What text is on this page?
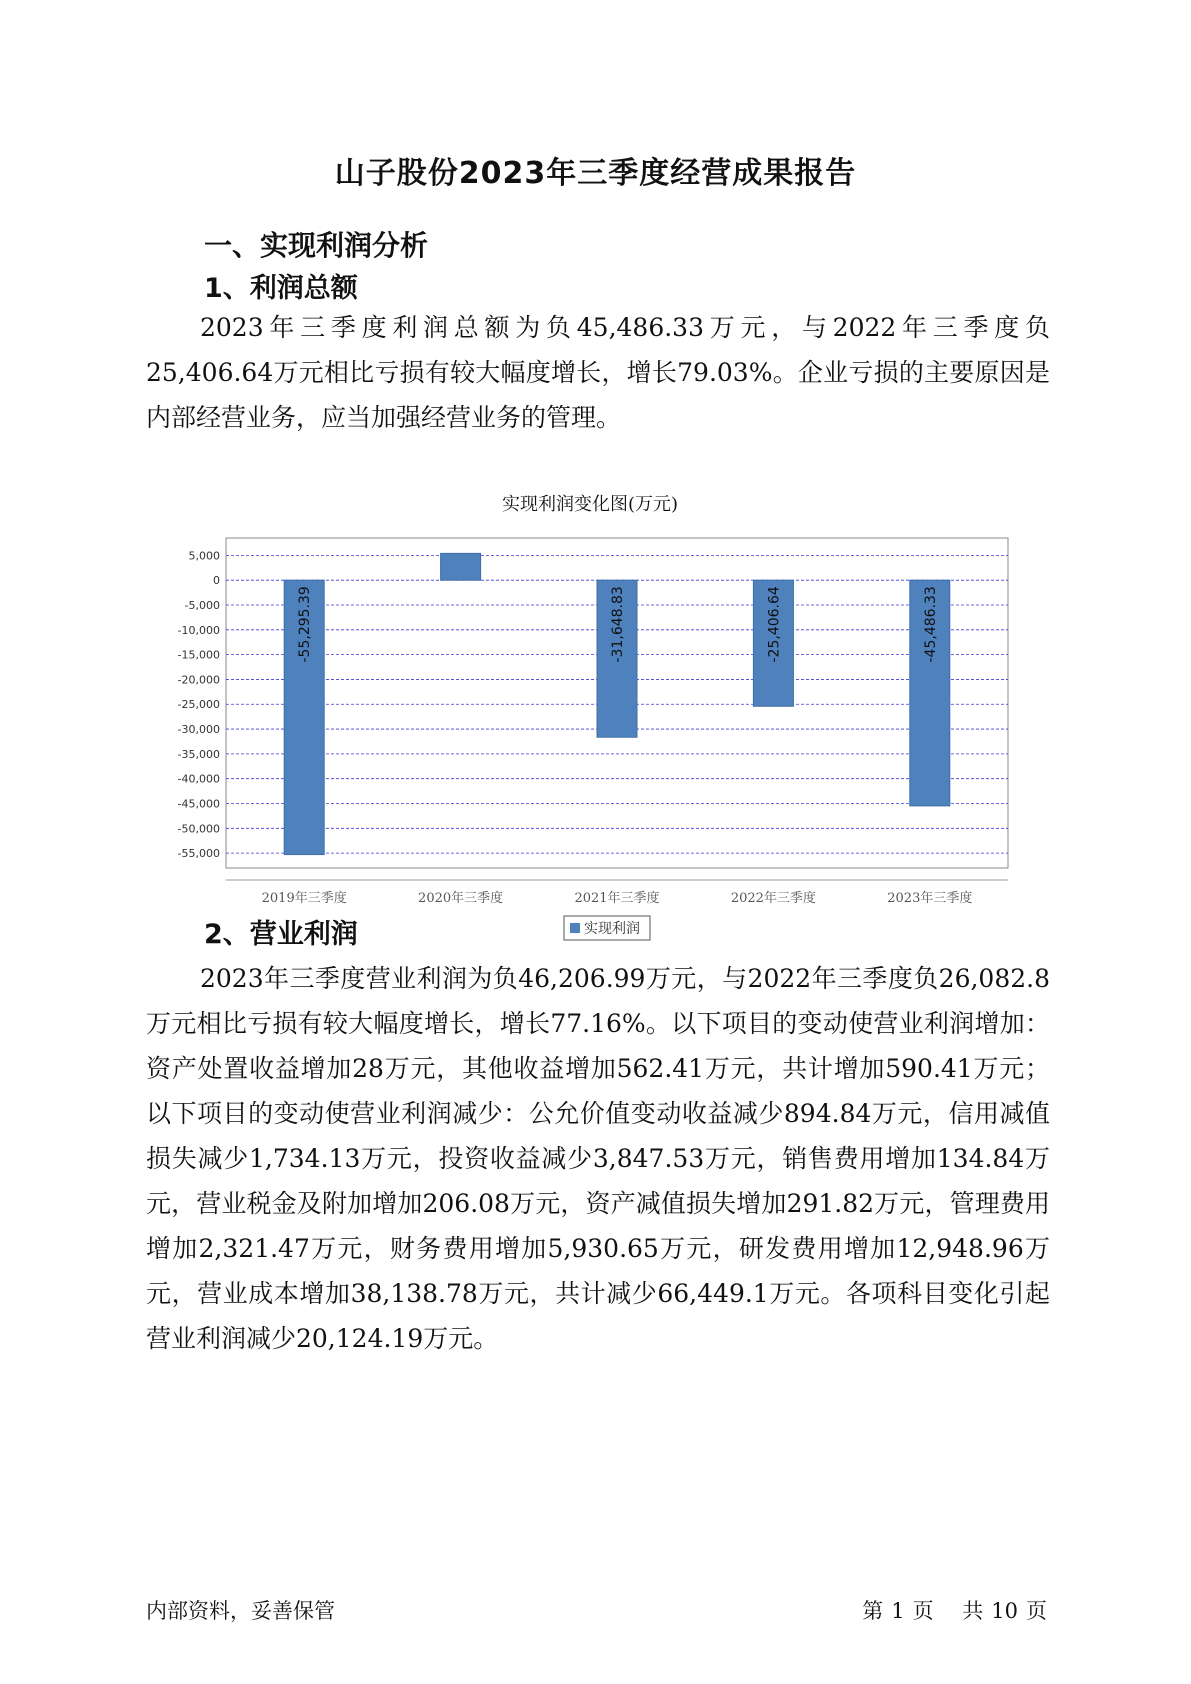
山子股份2023年三季度经营成果报告
一、实现利润分析
1、利润总额
2023年三季度利润总额为负45,486.33万元，与2022年三季度负25,406.64万元相比亏损有较大幅度增长，增长79.03%。企业亏损的主要原因是内部经营业务，应当加强经营业务的管理。
实现利润变化图(万元)
5,000
0
-5,000
-10,000
-15,000
-20,000
-25,000
-30,000
-35,000
-40,000
-45,000
-50,000
-55,000
-55,295.39
2019年三季度	2020年三季度
-31,648.83
2021年三季度
-25,406.64
2022年三季度
-45,486.33
2023年三季度
实现利润
2、营业利润
2023年三季度营业利润为负46,206.99万元，与2022年三季度负26,082.8万元相比亏损有较大幅度增长，增长77.16%。以下项目的变动使营业利润增加：资产处置收益增加28万元，其他收益增加562.41万元，共计增加590.41万元；以下项目的变动使营业利润减少：公允价值变动收益减少894.84万元，信用减值损失减少1,734.13万元，投资收益减少3,847.53万元，销售费用增加134.84万元，营业税金及附加增加206.08万元，资产减值损失增加291.82万元，管理费用增加2,321.47万元，财务费用增加5,930.65万元，研发费用增加12,948.96万元，营业成本增加38,138.78万元，共计减少66,449.1万元。各项科目变化引起营业利润减少20,124.19万元。
内部资料，妥善保管	第 1 页 共 10 页
